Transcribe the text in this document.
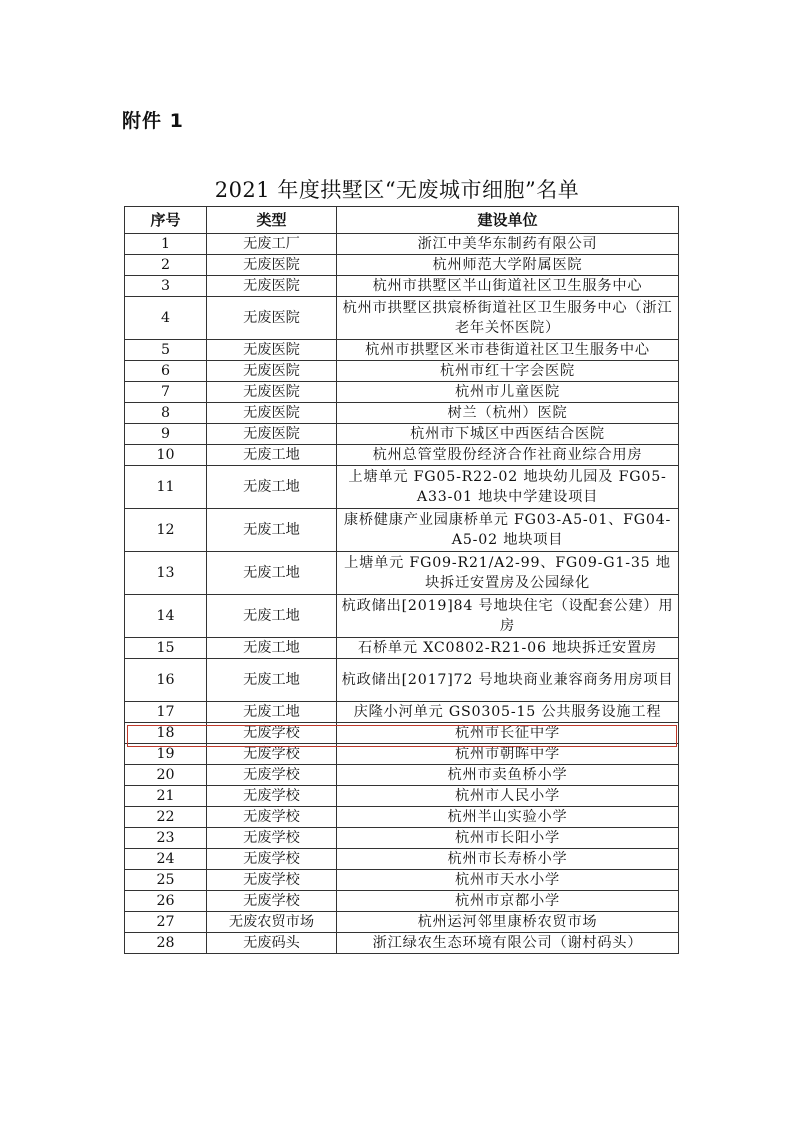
附件 1
2021 年度拱墅区“无废城市细胞”名单
序号	类型	建设单位
1	无废工厂	浙江中美华东制药有限公司
2	无废医院	杭州师范大学附属医院
3	无废医院	杭州市拱墅区半山街道社区卫生服务中心
4	无废医院	杭州市拱墅区拱宸桥街道社区卫生服务中心（浙江老年关怀医院）
5	无废医院	杭州市拱墅区米市巷街道社区卫生服务中心
6	无废医院	杭州市红十字会医院
7	无废医院	杭州市儿童医院
8	无废医院	树兰（杭州）医院
9	无废医院	杭州市下城区中西医结合医院
10	无废工地	杭州总管堂股份经济合作社商业综合用房
11	无废工地	上塘单元 FG05-R22-02 地块幼儿园及 FG05-A33-01 地块中学建设项目
12	无废工地	康桥健康产业园康桥单元 FG03-A5-01、FG04-A5-02 地块项目
13	无废工地	上塘单元 FG09-R21/A2-99、FG09-G1-35 地块拆迁安置房及公园绿化
14	无废工地	杭政储出[2019]84 号地块住宅（设配套公建）用房
15	无废工地	石桥单元 XC0802-R21-06 地块拆迁安置房
16	无废工地	杭政储出[2017]72 号地块商业兼容商务用房项目
17	无废工地	庆隆小河单元 GS0305-15 公共服务设施工程
18	无废学校	杭州市长征中学
19	无废学校	杭州市朝晖中学
20	无废学校	杭州市卖鱼桥小学
21	无废学校	杭州市人民小学
22	无废学校	杭州半山实验小学
23	无废学校	杭州市长阳小学
24	无废学校	杭州市长寿桥小学
25	无废学校	杭州市天水小学
26	无废学校	杭州市京都小学
27	无废农贸市场	杭州运河邻里康桥农贸市场
28	无废码头	浙江绿农生态环境有限公司（谢村码头）
